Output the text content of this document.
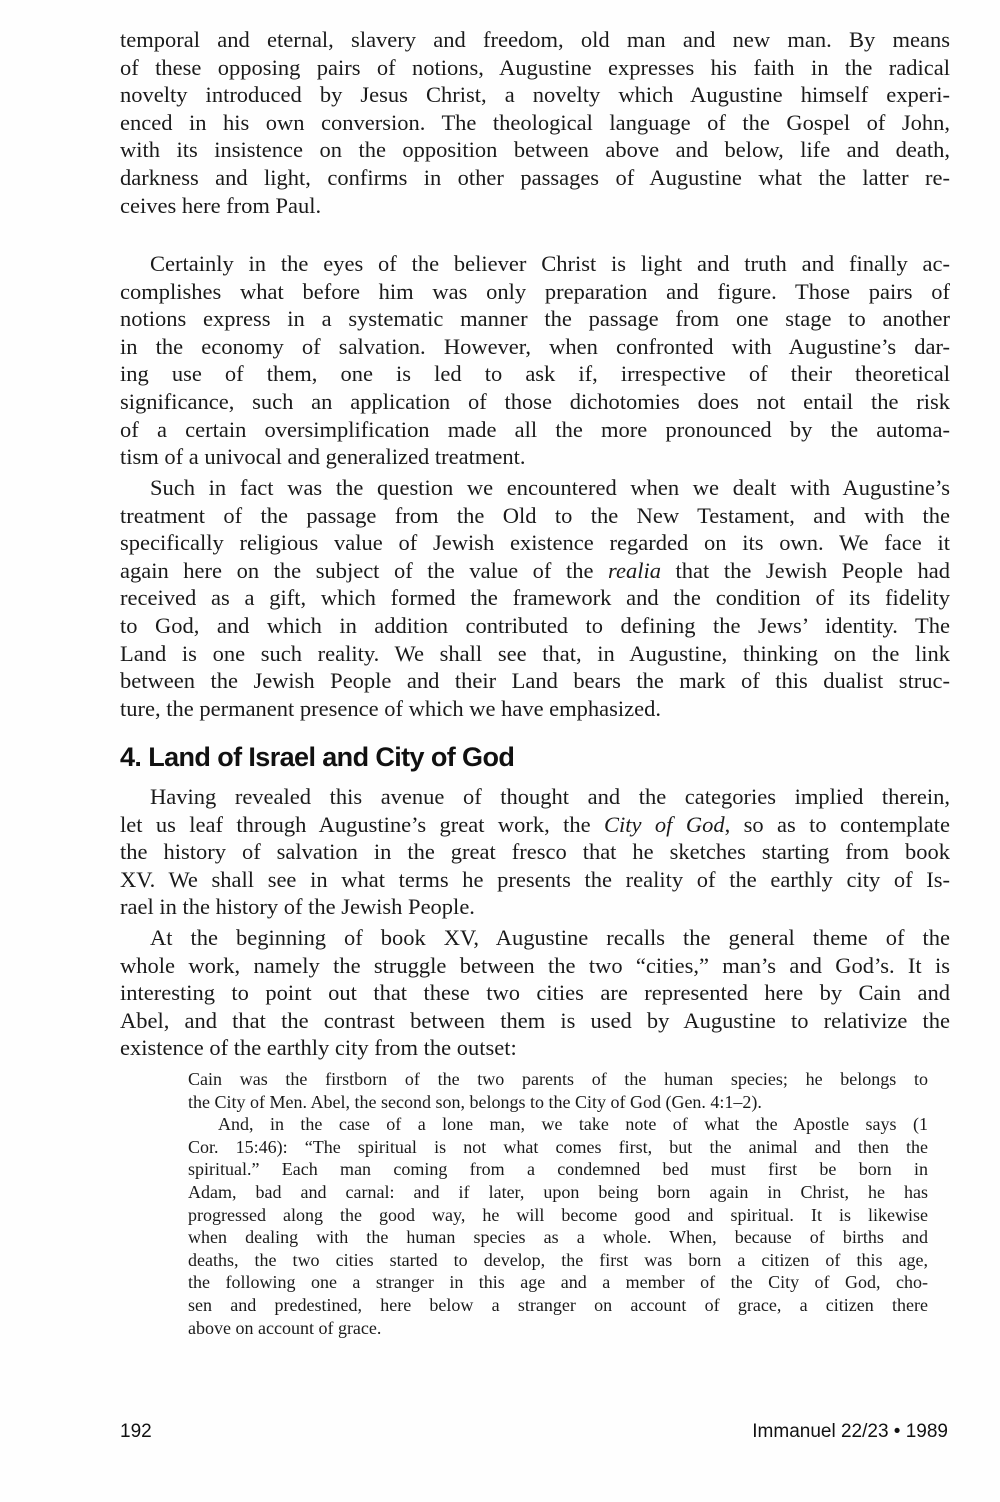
temporal and eternal, slavery and freedom, old man and new man. By means
of these opposing pairs of notions, Augustine expresses his faith in the radical
novelty introduced by Jesus Christ, a novelty which Augustine himself experi-
enced in his own conversion. The theological language of the Gospel of John,
with its insistence on the opposition between above and below, life and death,
darkness and light, confirms in other passages of Augustine what the latter re-
ceives here from Paul.
Certainly in the eyes of the believer Christ is light and truth and finally ac-
complishes what before him was only preparation and figure. Those pairs of
notions express in a systematic manner the passage from one stage to another
in the economy of salvation. However, when confronted with Augustine’s dar-
ing use of them, one is led to ask if, irrespective of their theoretical
significance, such an application of those dichotomies does not entail the risk
of a certain oversimplification made all the more pronounced by the automa-
tism of a univocal and generalized treatment.
Such in fact was the question we encountered when we dealt with Augustine’s
treatment of the passage from the Old to the New Testament, and with the
specifically religious value of Jewish existence regarded on its own. We face it
again here on the subject of the value of the realia that the Jewish People had
received as a gift, which formed the framework and the condition of its fidelity
to God, and which in addition contributed to defining the Jews’ identity. The
Land is one such reality. We shall see that, in Augustine, thinking on the link
between the Jewish People and their Land bears the mark of this dualist struc-
ture, the permanent presence of which we have emphasized.
4. Land of Israel and City of God
Having revealed this avenue of thought and the categories implied therein,
let us leaf through Augustine’s great work, the City of God, so as to contemplate
the history of salvation in the great fresco that he sketches starting from book
XV. We shall see in what terms he presents the reality of the earthly city of Is-
rael in the history of the Jewish People.
At the beginning of book XV, Augustine recalls the general theme of the
whole work, namely the struggle between the two “cities,” man’s and God’s. It is
interesting to point out that these two cities are represented here by Cain and
Abel, and that the contrast between them is used by Augustine to relativize the
existence of the earthly city from the outset:
Cain was the firstborn of the two parents of the human species; he belongs to
the City of Men. Abel, the second son, belongs to the City of God (Gen. 4:1–2).
And, in the case of a lone man, we take note of what the Apostle says (1
Cor. 15:46): “The spiritual is not what comes first, but the animal and then the
spiritual.” Each man coming from a condemned bed must first be born in
Adam, bad and carnal: and if later, upon being born again in Christ, he has
progressed along the good way, he will become good and spiritual. It is likewise
when dealing with the human species as a whole. When, because of births and
deaths, the two cities started to develop, the first was born a citizen of this age,
the following one a stranger in this age and a member of the City of God, cho-
sen and predestined, here below a stranger on account of grace, a citizen there
above on account of grace.
192	Immanuel 22/23 • 1989
